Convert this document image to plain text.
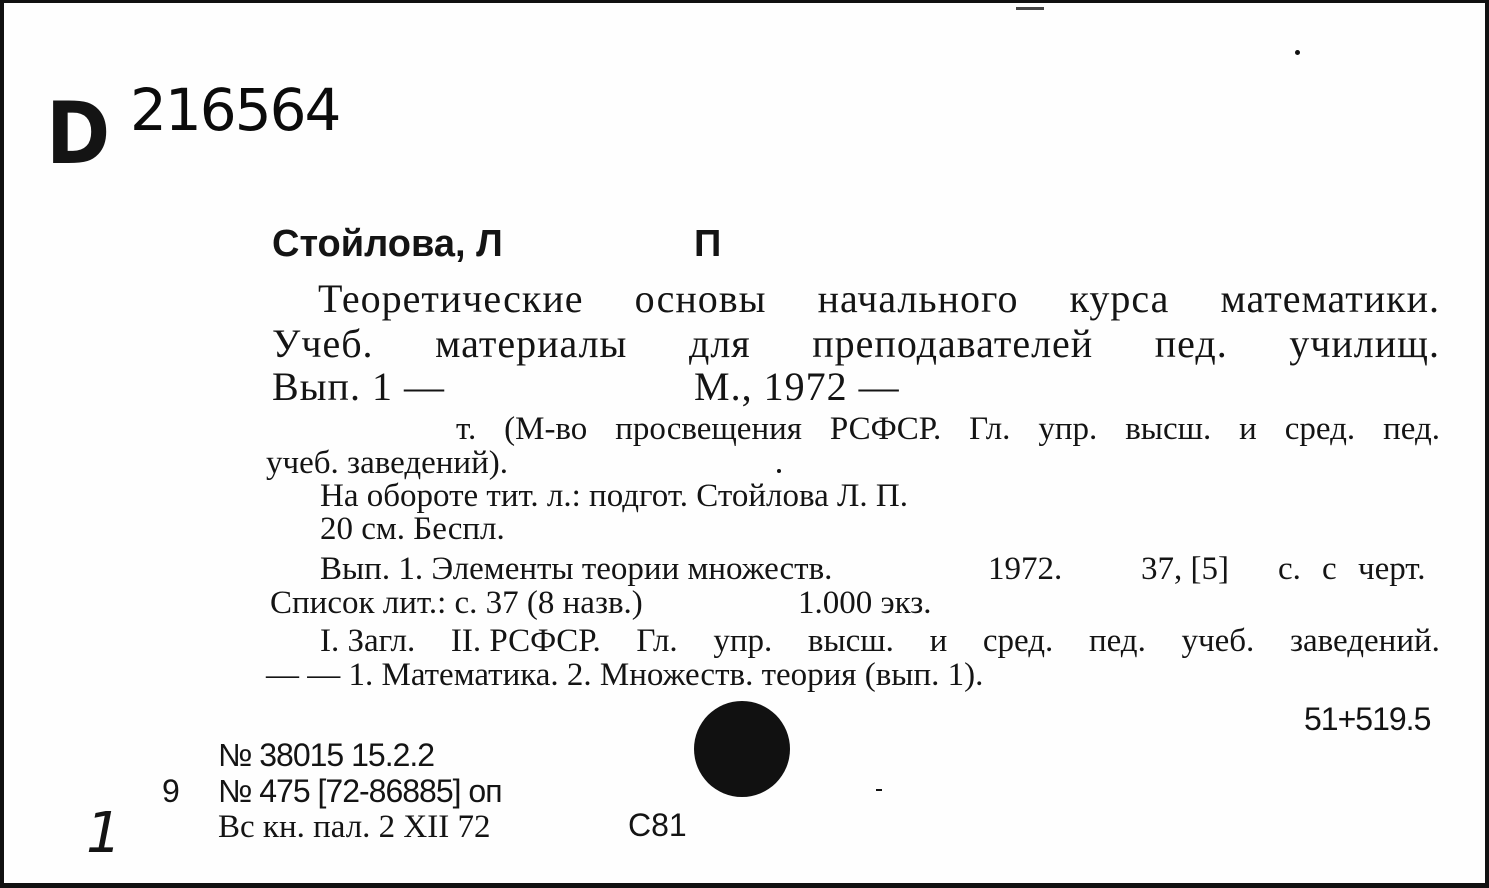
D 216564
Стойлова, Л	П
Теоретические основы начального курса математики.
Учеб. материалы для преподавателей пед. училищ.
Вып. 1 —	М., 1972 —
т. (М-во просвещения РСФСР. Гл. упр. высш. и сред. пед.
учеб. заведений).
На обороте тит. л.: подгот. Стойлова Л. П.
20 см. Беспл.
Вып. 1. Элементы теории множеств.	1972. 37, [5] с. с черт.
Список лит.: с. 37 (8 назв.)	1.000 экз.
I. Загл. II. РСФСР. Гл. упр. высш. и сред. пед. учеб. заведений.
— — 1. Математика. 2. Множеств. теория (вып. 1).
51+519.5
№ 38015 15.2.2
9 № 475 [72-86885] оп
Вс кн. пал. 2 XII 72	С81
1
